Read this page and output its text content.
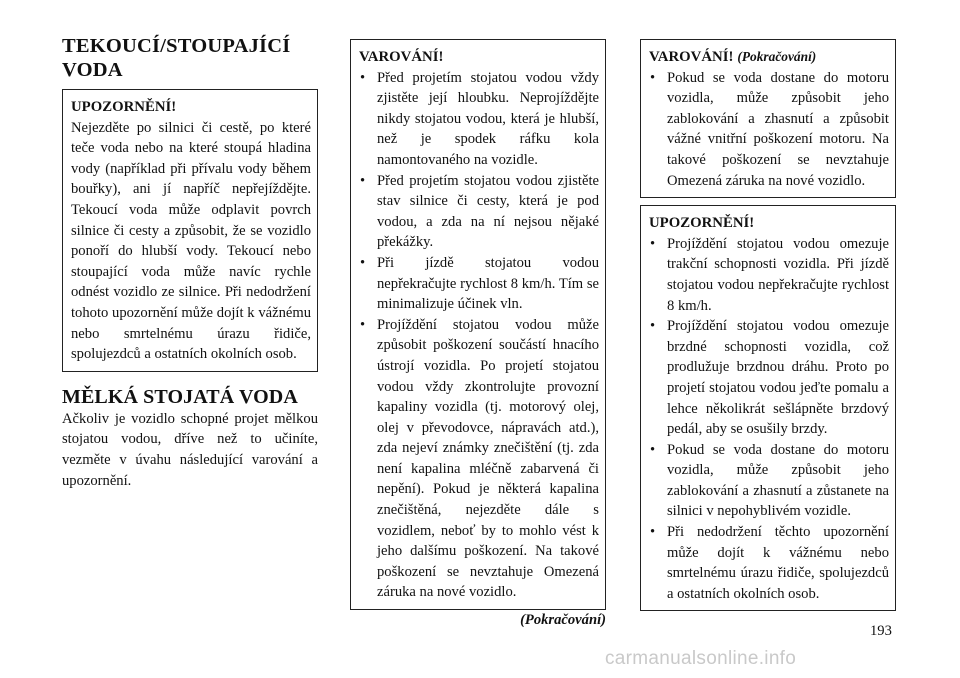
TEKOUCÍ/STOUPAJÍCÍ VODA
UPOZORNĚNÍ!
Nejezděte po silnici či cestě, po které teče voda nebo na které stoupá hladina vody (například při přívalu vody během bouřky), ani jí napříč nepřejíždějte. Tekoucí voda může odplavit povrch silnice či cesty a způsobit, že se vozidlo ponoří do hlubší vody. Tekoucí nebo stoupající voda může navíc rychle odnést vozidlo ze silnice. Při nedodržení tohoto upozornění může dojít k vážnému nebo smrtelnému úrazu řidiče, spolujezdců a ostatních okolních osob.
MĚLKÁ STOJATÁ VODA

Ačkoliv je vozidlo schopné projet mělkou stojatou vodou, dříve než to učiníte, vezměte v úvahu následující varování a upozornění.

VAROVÁNÍ!
• Před projetím stojatou vodou vždy zjistěte její hloubku. Neprojíždějte nikdy stojatou vodou, která je hlubší, než je spodek ráfku kola namontovaného na vozidle.
• Před projetím stojatou vodou zjistěte stav silnice či cesty, která je pod vodou, a zda na ní nejsou nějaké překážky.
• Při jízdě stojatou vodou nepřekračujte rychlost 8 km/h. Tím se minimalizuje účinek vln.
• Projíždění stojatou vodou může způsobit poškození součástí hnacího ústrojí vozidla. Po projetí stojatou vodou vždy zkontrolujte provozní kapaliny vozidla (tj. motorový olej, olej v převodovce, nápravách atd.), zda nejeví známky znečištění (tj. zda není kapalina mléčně zabarvená či nepění). Pokud je některá kapalina znečištěná, nejezděte dále s vozidlem, neboť by to mohlo vést k jeho dalšímu poškození. Na takové poškození se nevztahuje Omezená záruka na nové vozidlo.
(Pokračování)
VAROVÁNÍ! (Pokračování)
• Pokud se voda dostane do motoru vozidla, může způsobit jeho zablokování a zhasnutí a způsobit vážné vnitřní poškození motoru. Na takové poškození se nevztahuje Omezená záruka na nové vozidlo.
UPOZORNĚNÍ!
• Projíždění stojatou vodou omezuje trakční schopnosti vozidla. Při jízdě stojatou vodou nepřekračujte rychlost 8 km/h.
• Projíždění stojatou vodou omezuje brzdné schopnosti vozidla, což prodlužuje brzdnou dráhu. Proto po projetí stojatou vodou jeďte pomalu a lehce několikrát sešlápněte brzdový pedál, aby se osušily brzdy.
• Pokud se voda dostane do motoru vozidla, může způsobit jeho zablokování a zhasnutí a zůstanete na silnici v nepohyblivém vozidle.
• Při nedodržení těchto upozornění může dojít k vážnému nebo smrtelnému úrazu řidiče, spolujezdců a ostatních okolních osob.
193
carmanualsonline.info
